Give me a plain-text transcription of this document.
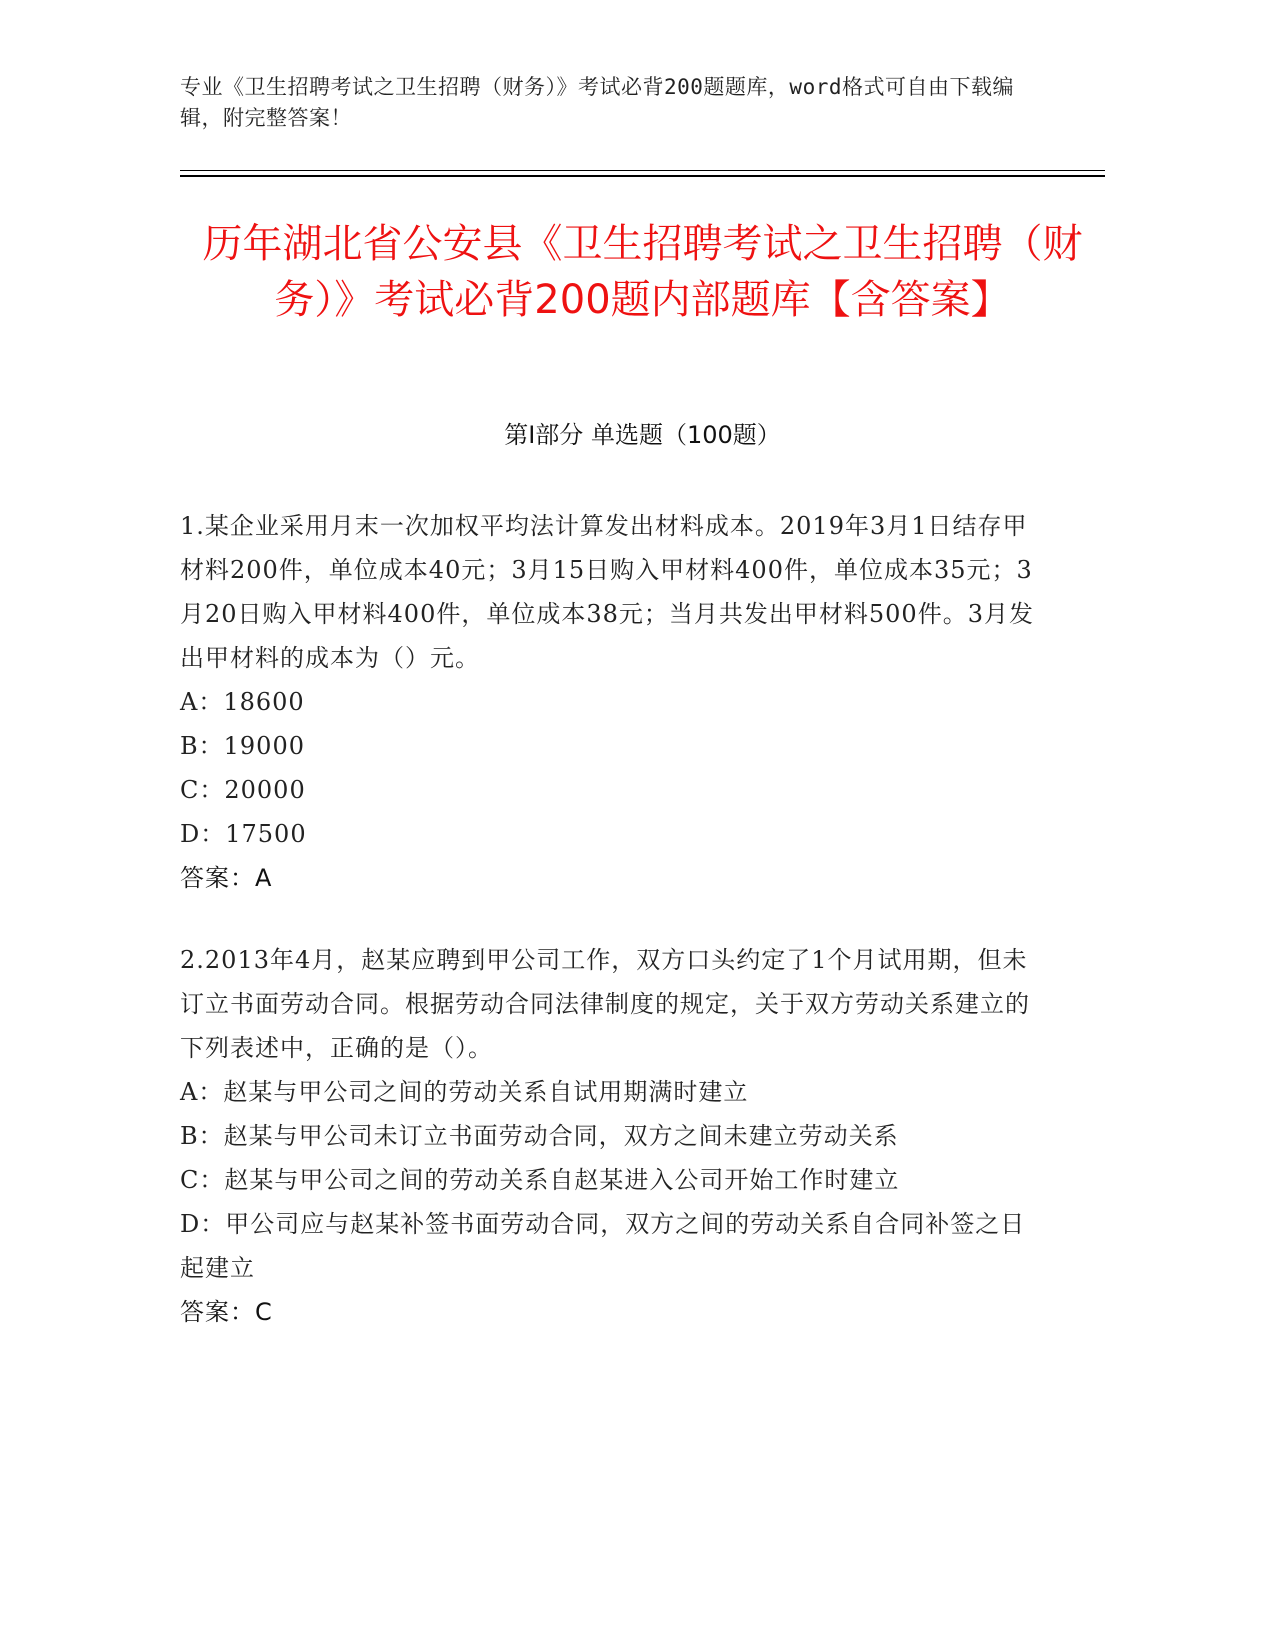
专业《卫生招聘考试之卫生招聘（财务）》考试必背200题题库，word格式可自由下载编辑，附完整答案！
历年湖北省公安县《卫生招聘考试之卫生招聘（财务）》考试必背200题内部题库【含答案】
第Ⅰ部分 单选题（100题）
1.某企业采用月末一次加权平均法计算发出材料成本。2019年3月1日结存甲材料200件，单位成本40元；3月15日购入甲材料400件，单位成本35元；3月20日购入甲材料400件，单位成本38元；当月共发出甲材料500件。3月发出甲材料的成本为（）元。
A：18600
B：19000
C：20000
D：17500
答案：A
2.2013年4月，赵某应聘到甲公司工作，双方口头约定了1个月试用期，但未订立书面劳动合同。根据劳动合同法律制度的规定，关于双方劳动关系建立的下列表述中，正确的是（）。
A：赵某与甲公司之间的劳动关系自试用期满时建立
B：赵某与甲公司未订立书面劳动合同，双方之间未建立劳动关系
C：赵某与甲公司之间的劳动关系自赵某进入公司开始工作时建立
D：甲公司应与赵某补签书面劳动合同，双方之间的劳动关系自合同补签之日起建立
答案：C
